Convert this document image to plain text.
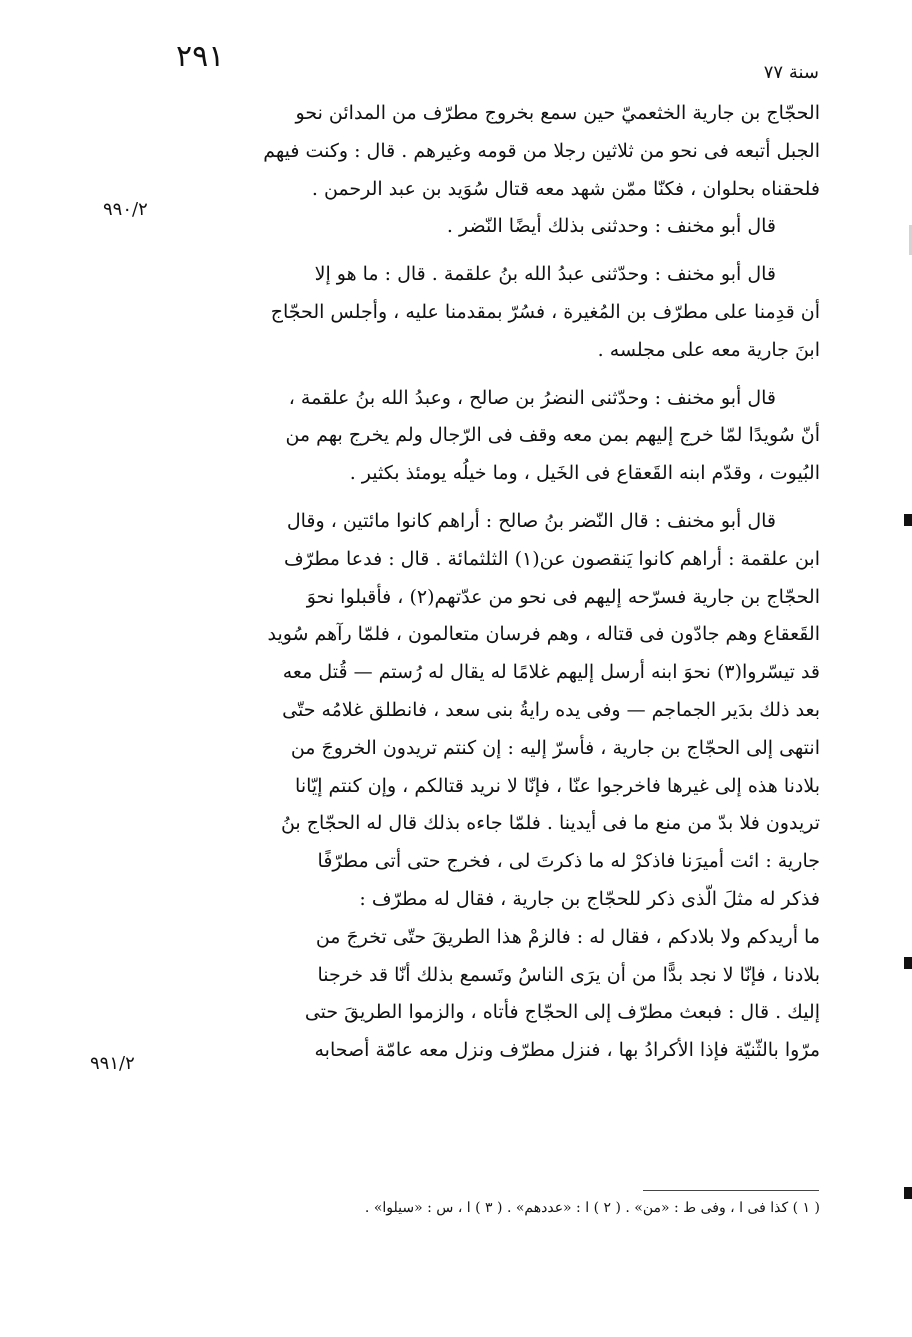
٢٩١	سنة ٧٧
٩٩٠/٢
٩٩١/٢
الحجّاج بن جارية الخثعميّ حين سمع بخروج مطرّف من المدائن نحو
الجبل أتبعه فى نحو من ثلاثين رجلا من قومه وغيرهم . قال : وكنت فيهم
فلحقناه بحلوان ، فكنّا ممّن شهد معه قتال سُوَيد بن عبد الرحمن .
قال أبو مخنف : وحدثنى بذلك أيضًا النّضر .
قال أبو مخنف : وحدّثنى عبدُ الله بنُ علقمة . قال : ما هو إلا
أن قدِمنا على مطرّف بن المُغيرة ، فسُرّ بمقدمنا عليه ، وأجلس الحجّاج
ابنَ جارية معه على مجلسه .
قال أبو مخنف : وحدّثنى النضرُ بن صالح ، وعبدُ الله بنُ علقمة ،
أنّ سُويدًا لمّا خرج إليهم بمن معه وقف فى الرّجال ولم يخرج بهم من
البُيوت ، وقدّم ابنه القَعقاع فى الخَيل ، وما خيلُه يومئذ بكثير .
قال أبو مخنف : قال النّضر بنُ صالح : أراهم كانوا مائتين ، وقال
ابن علقمة : أراهم كانوا يَنقصون عن(١) الثلثمائة . قال : فدعا مطرّف
الحجّاج بن جارية فسرّحه إليهم فى نحو من عدّتهم(٢) ، فأقبلوا نحوَ
القَعقاع وهم جادّون فى قتاله ، وهم فرسان متعالمون ، فلمّا رآهم سُويد
قد تيسّروا(٣) نحوَ ابنه أرسل إليهم غلامًا له يقال له رُستم — قُتل معه
بعد ذلك بدَير الجماجم — وفى يده رايةُ بنى سعد ، فانطلق غلامُه حتّى
انتهى إلى الحجّاج بن جارية ، فأسرّ إليه : إن كنتم تريدون الخروجَ من
بلادنا هذه إلى غيرها فاخرجوا عنّا ، فإنّا لا نريد قتالكم ، وإن كنتم إيّانا
تريدون فلا بدّ من منع ما فى أيدينا . فلمّا جاءه بذلك قال له الحجّاج بنُ
جارية : ائت أميرَنا فاذكرْ له ما ذكرتَ لى ، فخرج حتى أتى مطرّفًا
فذكر له مثلَ الّذى ذكر للحجّاج بن جارية ، فقال له مطرّف :
ما أريدكم ولا بلادكم ، فقال له : فالزمْ هذا الطريقَ حتّى تخرجَ من
بلادنا ، فإنّا لا نجد بدًّا من أن يرَى الناسُ وتَسمع بذلك أنّا قد خرجنا
إليك . قال : فبعث مطرّف إلى الحجّاج فأتاه ، والزموا الطريقَ حتى
مرّوا بالثّنيّة فإذا الأكرادُ بها ، فنزل مطرّف ونزل معه عامّة أصحابه
( ١ ) كذا فى ا ، وفى ط : «من» . ( ٢ ) ا : «عددهم» . ( ٣ ) ا ، س : «سيلوا» .
